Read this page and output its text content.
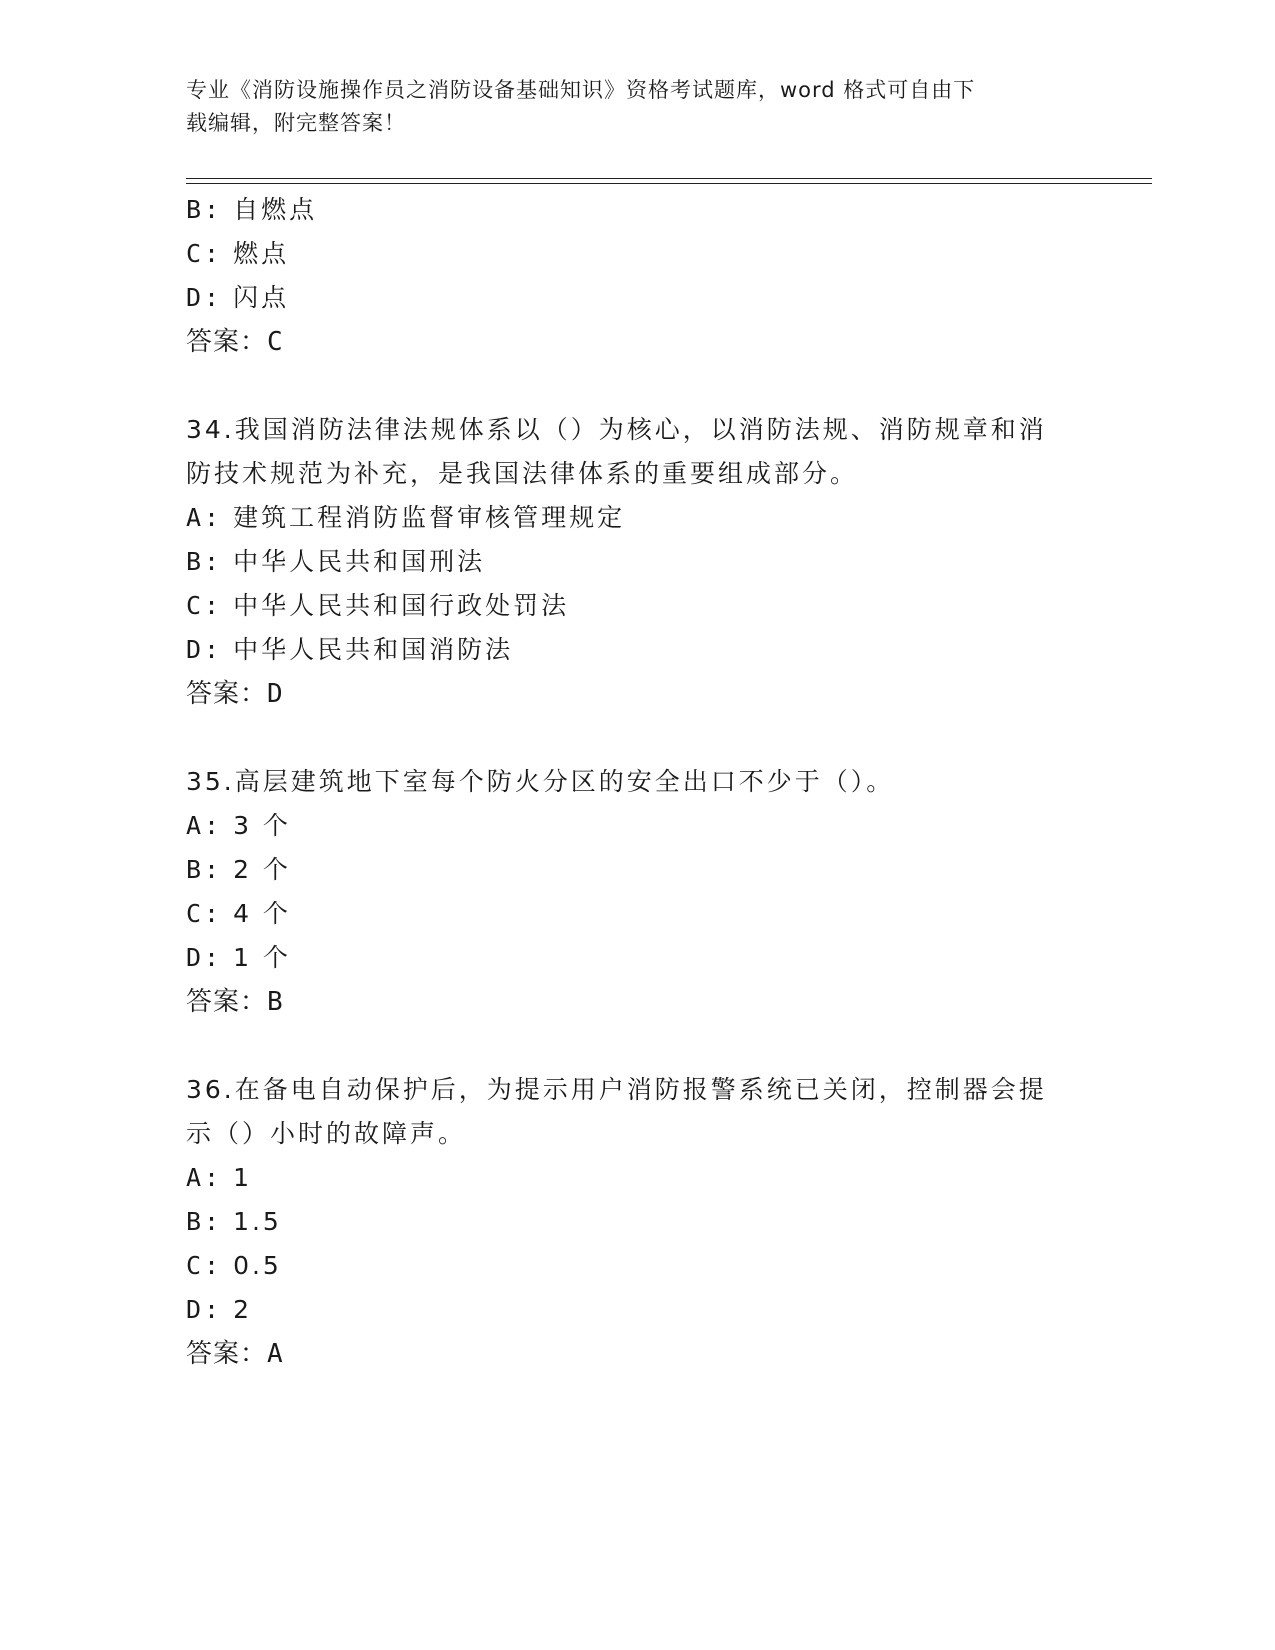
专业《消防设施操作员之消防设备基础知识》资格考试题库，word 格式可自由下
载编辑，附完整答案！
B: 自燃点
C: 燃点
D: 闪点
答案：C
34.我国消防法律法规体系以（）为核心，以消防法规、消防规章和消
防技术规范为补充，是我国法律体系的重要组成部分。
A: 建筑工程消防监督审核管理规定
B: 中华人民共和国刑法
C: 中华人民共和国行政处罚法
D: 中华人民共和国消防法
答案：D
35.高层建筑地下室每个防火分区的安全出口不少于（）。
A: 3 个
B: 2 个
C: 4 个
D: 1 个
答案：B
36.在备电自动保护后，为提示用户消防报警系统已关闭，控制器会提
示（）小时的故障声。
A: 1
B: 1.5
C: 0.5
D: 2
答案：A
